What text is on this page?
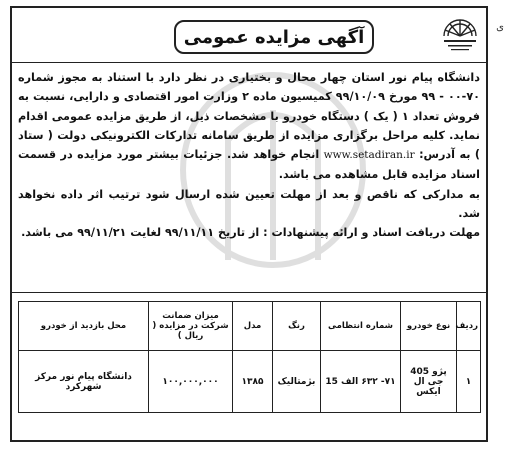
ی
آگهی مزایده عمومی

دانشگاه پیام نور استان چهار محال و بختیاری در نظر دارد با استناد به مجوز شماره ۷۰-۰۰ - ۹۹ مورخ ۹۹/۱۰/۰۹ کمیسیون ماده ۲ وزارت امور اقتصادی و دارایی، نسبت به فروش تعداد ۱ ( یک ) دستگاه خودرو با مشخصات ذیل، از طریق مزایده عمومی اقدام نماید. کلیه مراحل برگزاری مزایده از طریق سامانه تدارکات الکترونیکی دولت ( ستاد ) به آدرس: www.setadiran.ir انجام خواهد شد. جزئیات بیشتر مورد مزایده در قسمت اسناد مزایده قابل مشاهده می باشد.

به مدارکی که ناقص و بعد از مهلت تعیین شده ارسال شود ترتیب اثر داده نخواهد شد.

مهلت دریافت اسناد و ارائه پیشنهادات : از تاریخ ۹۹/۱۱/۱۱ لغایت ۹۹/۱۱/۲۱ می باشد.

ردیف	نوع خودرو	شماره انتظامی	رنگ	مدل	میزان ضمانت شرکت در مزایده ( ریال )	محل بازدید از خودرو
۱	پژو 405 جی ال ایکس	۷۱- ۶۳۲ الف 15	بژمتالیک	۱۳۸۵	۱۰۰,۰۰۰,۰۰۰	دانشگاه پیام نور مرکز شهرکرد
